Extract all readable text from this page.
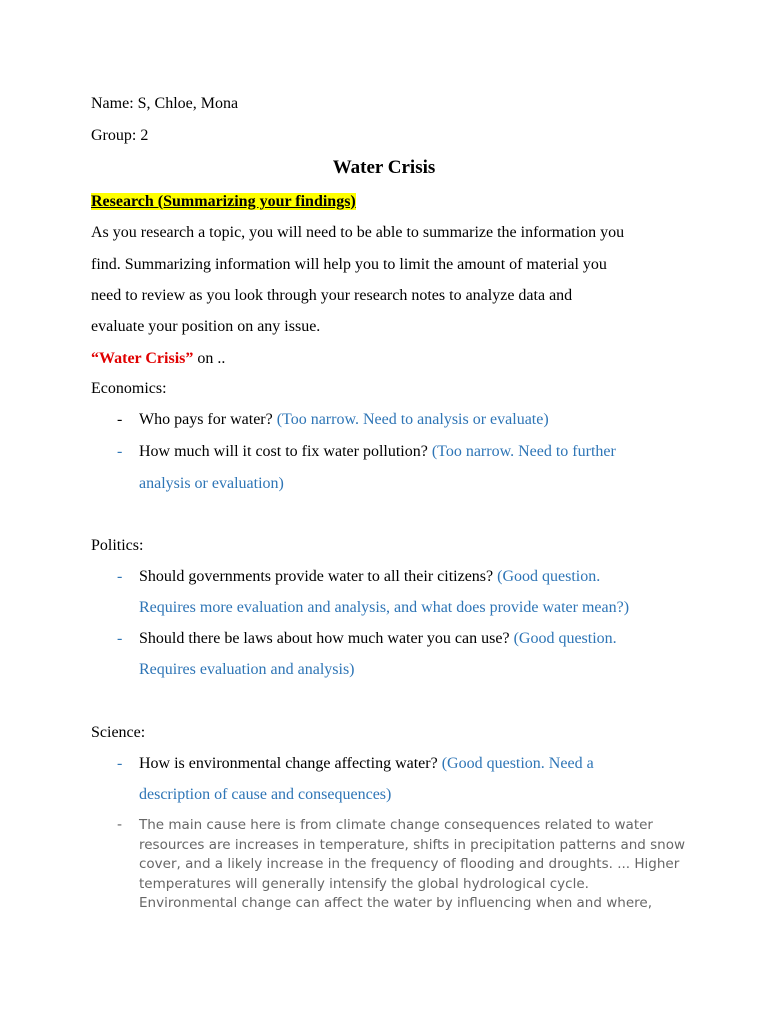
Name: S, Chloe, Mona
Group: 2
Water Crisis
Research (Summarizing your findings)
As you research a topic, you will need to be able to summarize the information you
find. Summarizing information will help you to limit the amount of material you
need to review as you look through your research notes to analyze data and
evaluate your position on any issue.
“Water Crisis” on ..
Economics:
- Who pays for water? (Too narrow. Need to analysis or evaluate)
- How much will it cost to fix water pollution? (Too narrow. Need to further
analysis or evaluation)
Politics:
- Should governments provide water to all their citizens? (Good question.
Requires more evaluation and analysis, and what does provide water mean?)
- Should there be laws about how much water you can use? (Good question.
Requires evaluation and analysis)
Science:
- How is environmental change affecting water? (Good question. Need a
description of cause and consequences)
- The main cause here is from climate change consequences related to water
resources are increases in temperature, shifts in precipitation patterns and snow
cover, and a likely increase in the frequency of flooding and droughts. ... Higher
temperatures will generally intensify the global hydrological cycle.
Environmental change can affect the water by influencing when and where,
